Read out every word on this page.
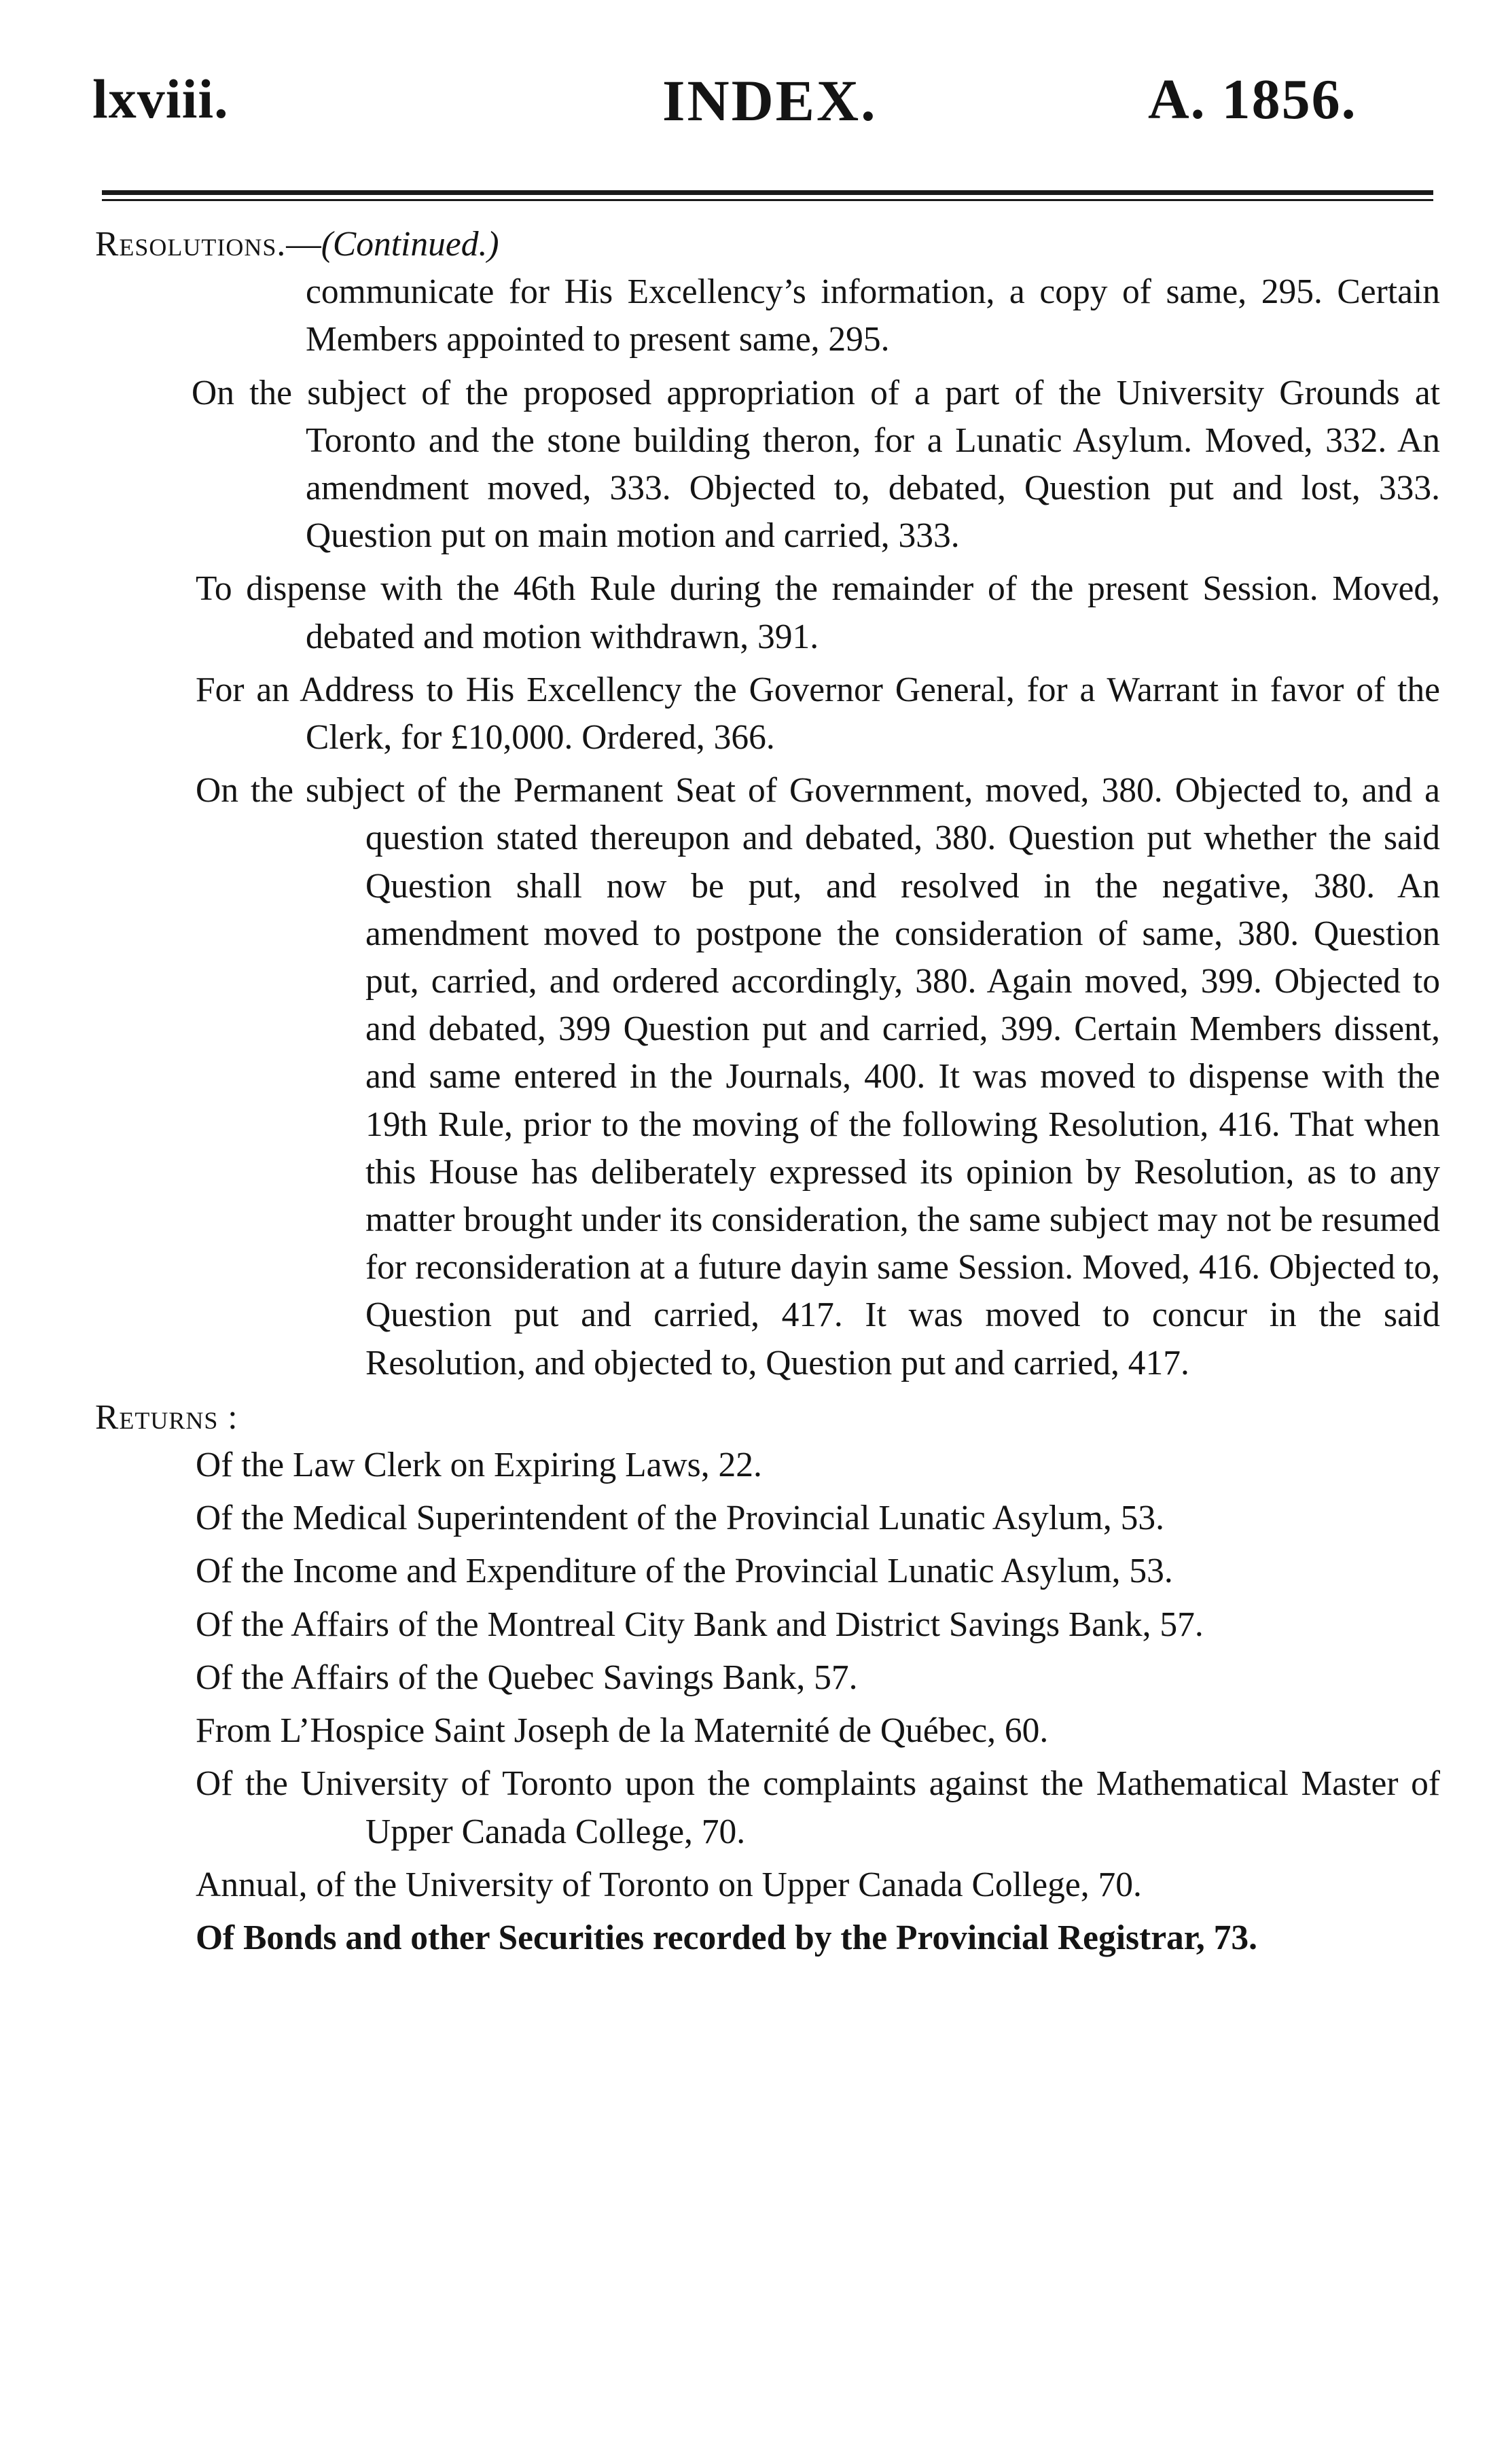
lxviii.	INDEX.	A. 1856.

Resolutions.—(Continued.)

communicate for His Excellency’s information, a copy of same, 295. Certain Members appointed to present same, 295.

On the subject of the proposed appropriation of a part of the University Grounds at Toronto and the stone building theron, for a Lunatic Asylum. Moved, 332. An amendment moved, 333. Objected to, debated, Question put and lost, 333. Question put on main motion and carried, 333.

To dispense with the 46th Rule during the remainder of the present Session. Moved, debated and motion withdrawn, 391.

For an Address to His Excellency the Governor General, for a Warrant in favor of the Clerk, for £10,000. Ordered, 366.

On the subject of the Permanent Seat of Government, moved, 380. Objected to, and a question stated thereupon and debated, 380. Question put whether the said Question shall now be put, and resolved in the negative, 380. An amendment moved to postpone the consideration of same, 380. Question put, carried, and ordered accordingly, 380. Again moved, 399. Objected to and debated, 399 Question put and carried, 399. Certain Members dissent, and same entered in the Journals, 400. It was moved to dispense with the 19th Rule, prior to the moving of the following Resolution, 416. That when this House has deliberately expressed its opinion by Resolution, as to any matter brought under its consideration, the same subject may not be resumed for reconsideration at a future dayin same Session. Moved, 416. Objected to, Question put and carried, 417. It was moved to concur in the said Resolution, and objected to, Question put and carried, 417.

Returns :

Of the Law Clerk on Expiring Laws, 22.

Of the Medical Superintendent of the Provincial Lunatic Asylum, 53.

Of the Income and Expenditure of the Provincial Lunatic Asylum, 53.

Of the Affairs of the Montreal City Bank and District Savings Bank, 57.

Of the Affairs of the Quebec Savings Bank, 57.

From L’Hospice Saint Joseph de la Maternité de Québec, 60.

Of the University of Toronto upon the complaints against the Mathematical Master of Upper Canada College, 70.

Annual, of the University of Toronto on Upper Canada College, 70.

Of Bonds and other Securities recorded by the Provincial Registrar, 73.
